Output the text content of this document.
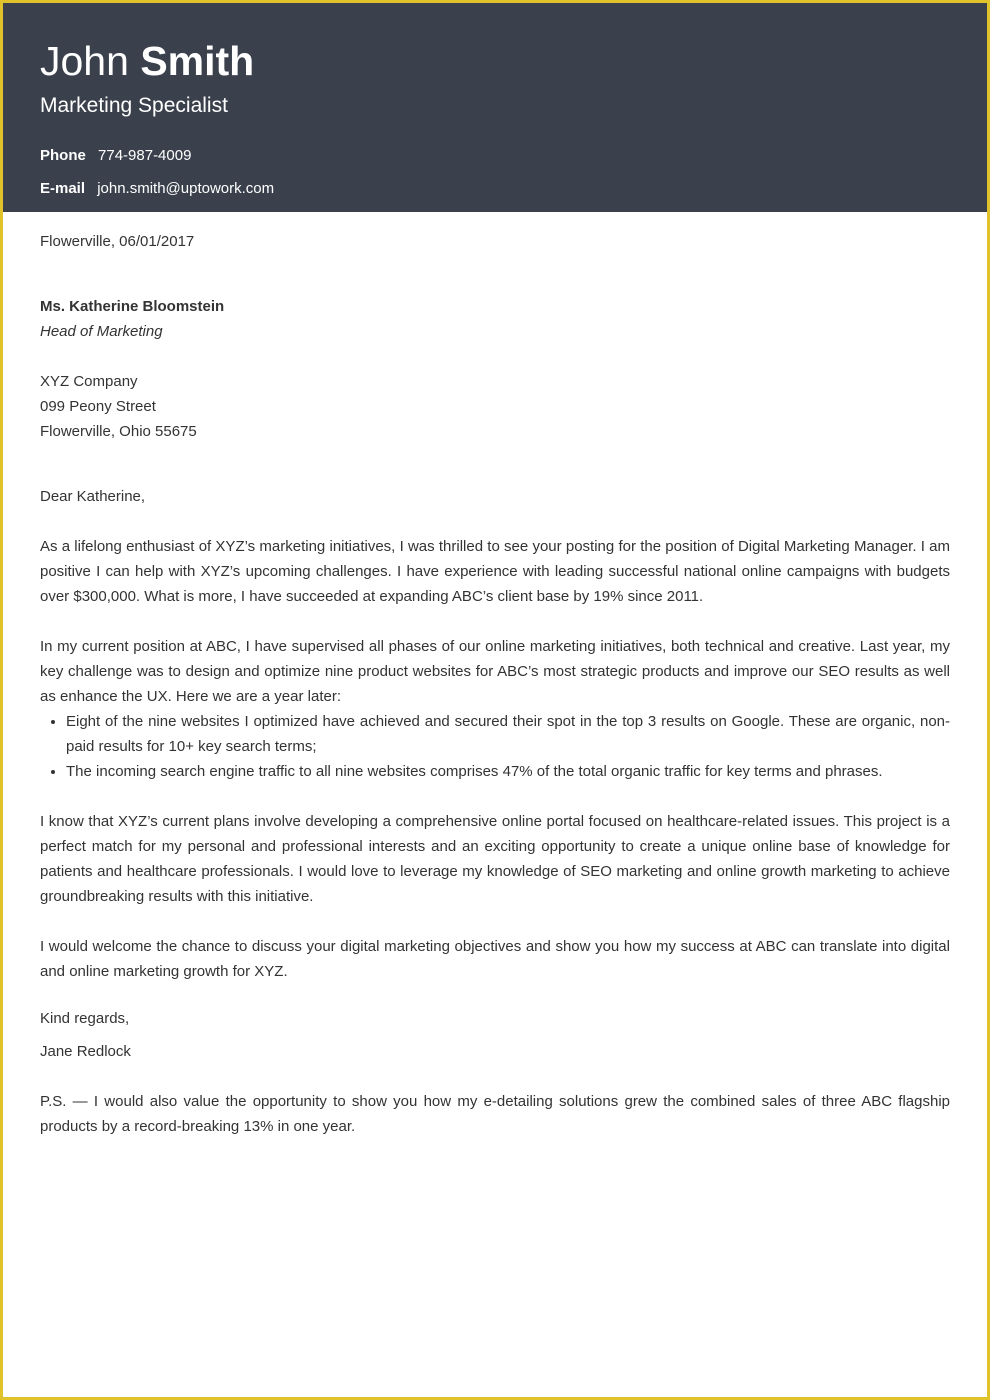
John Smith
Marketing Specialist
Phone 774-987-4009
E-mail john.smith@uptowork.com
Flowerville, 06/01/2017
Ms. Katherine Bloomstein
Head of Marketing
XYZ Company
099 Peony Street
Flowerville, Ohio 55675
Dear Katherine,

As a lifelong enthusiast of XYZ’s marketing initiatives, I was thrilled to see your posting for the position of Digital Marketing Manager. I am positive I can help with XYZ’s upcoming challenges. I have experience with leading successful national online campaigns with budgets over $300,000. What is more, I have succeeded at expanding ABC’s client base by 19% since 2011.

In my current position at ABC, I have supervised all phases of our online marketing initiatives, both technical and creative. Last year, my key challenge was to design and optimize nine product websites for ABC’s most strategic products and improve our SEO results as well as enhance the UX. Here we are a year later:

• Eight of the nine websites I optimized have achieved and secured their spot in the top 3 results on Google. These are organic, non-paid results for 10+ key search terms;
• The incoming search engine traffic to all nine websites comprises 47% of the total organic traffic for key terms and phrases.

I know that XYZ’s current plans involve developing a comprehensive online portal focused on healthcare-related issues. This project is a perfect match for my personal and professional interests and an exciting opportunity to create a unique online base of knowledge for patients and healthcare professionals. I would love to leverage my knowledge of SEO marketing and online growth marketing to achieve groundbreaking results with this initiative.

I would welcome the chance to discuss your digital marketing objectives and show you how my success at ABC can translate into digital and online marketing growth for XYZ.

Kind regards,
Jane Redlock

P.S. — I would also value the opportunity to show you how my e-detailing solutions grew the combined sales of three ABC flagship products by a record-breaking 13% in one year.
